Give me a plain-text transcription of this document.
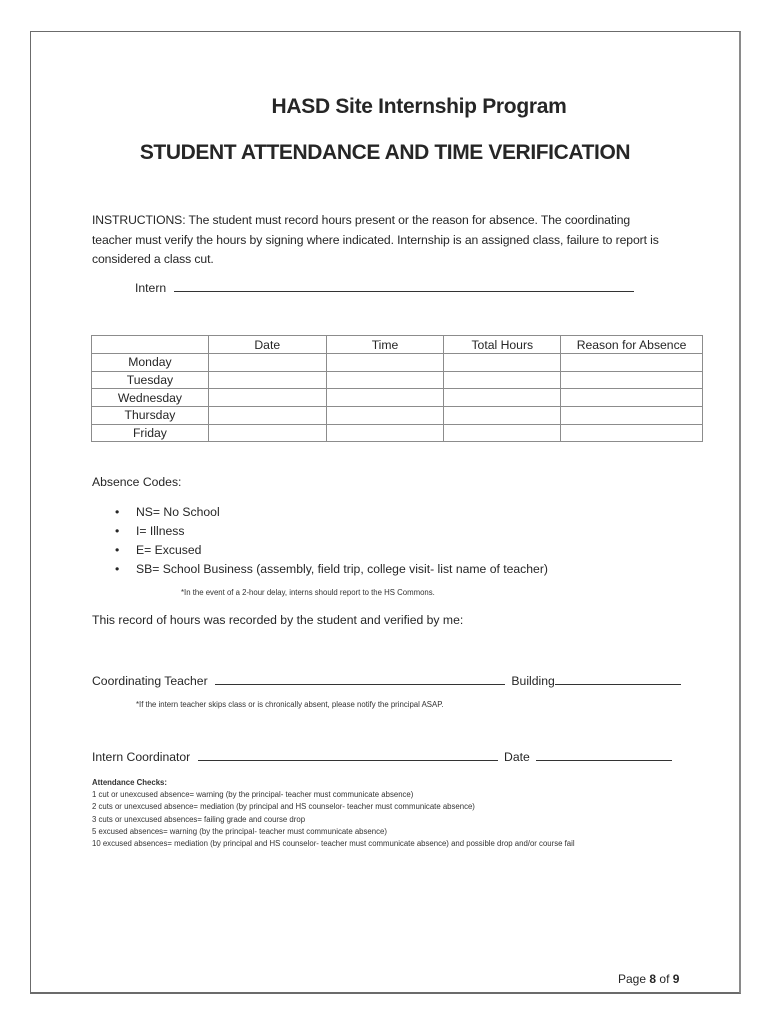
HASD Site Internship Program
STUDENT ATTENDANCE AND TIME VERIFICATION
INSTRUCTIONS: The student must record hours present or the reason for absence. The coordinating teacher must verify the hours by signing where indicated. Internship is an assigned class, failure to report is considered a class cut.
Intern
	Date	Time	Total Hours	Reason for Absence
Monday				
Tuesday				
Wednesday				
Thursday				
Friday				
Absence Codes:
• NS= No School
• I= Illness
• E= Excused
• SB= School Business (assembly, field trip, college visit- list name of teacher)
*In the event of a 2-hour delay, interns should report to the HS Commons.
This record of hours was recorded by the student and verified by me:
Coordinating Teacher	Building
*If the intern teacher skips class or is chronically absent, please notify the principal ASAP.
Intern Coordinator	Date
Attendance Checks:
1 cut or unexcused absence= warning (by the principal- teacher must communicate absence)
2 cuts or unexcused absence= mediation (by principal and HS counselor- teacher must communicate absence)
3 cuts or unexcused absences= failing grade and course drop
5 excused absences= warning (by the principal- teacher must communicate absence)
10 excused absences= mediation (by principal and HS counselor- teacher must communicate absence) and possible drop and/or course fail
Page 8 of 9
